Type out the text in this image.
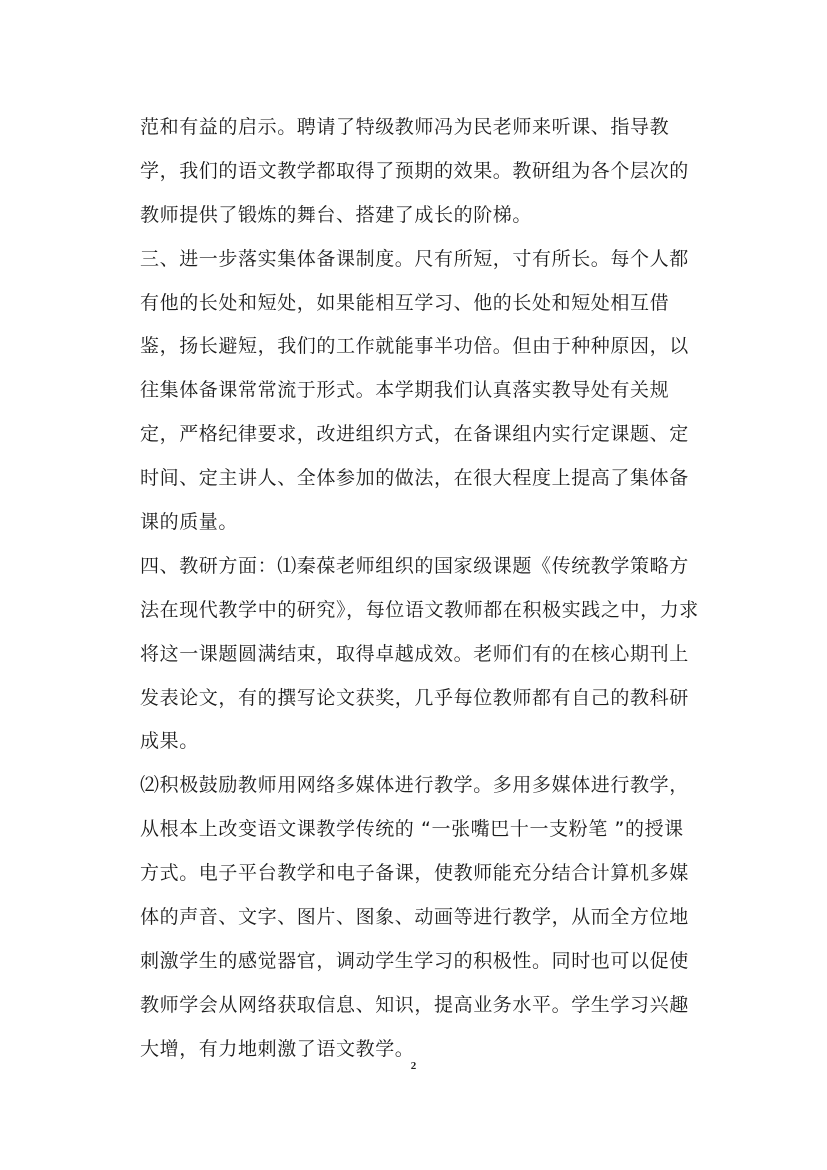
范和有益的启示。聘请了特级教师冯为民老师来听课、指导教
学，我们的语文教学都取得了预期的效果。教研组为各个层次的
教师提供了锻炼的舞台、搭建了成长的阶梯。
三、进一步落实集体备课制度。尺有所短，寸有所长。每个人都
有他的长处和短处，如果能相互学习、他的长处和短处相互借
鉴，扬长避短，我们的工作就能事半功倍。但由于种种原因，以
往集体备课常常流于形式。本学期我们认真落实教导处有关规
定，严格纪律要求，改进组织方式，在备课组内实行定课题、定
时间、定主讲人、全体参加的做法，在很大程度上提高了集体备
课的质量。
四、教研方面：⑴秦葆老师组织的国家级课题《传统教学策略方
法在现代教学中的研究》，每位语文教师都在积极实践之中，力求
将这一课题圆满结束，取得卓越成效。老师们有的在核心期刊上
发表论文，有的撰写论文获奖，几乎每位教师都有自己的教科研
成果。
⑵积极鼓励教师用网络多媒体进行教学。多用多媒体进行教学，
从根本上改变语文课教学传统的 “一张嘴巴十一支粉笔 ”的授课
方式。电子平台教学和电子备课，使教师能充分结合计算机多媒
体的声音、文字、图片、图象、动画等进行教学，从而全方位地
刺激学生的感觉器官，调动学生学习的积极性。同时也可以促使
教师学会从网络获取信息、知识，提高业务水平。学生学习兴趣
大增，有力地刺激了语文教学。
2
